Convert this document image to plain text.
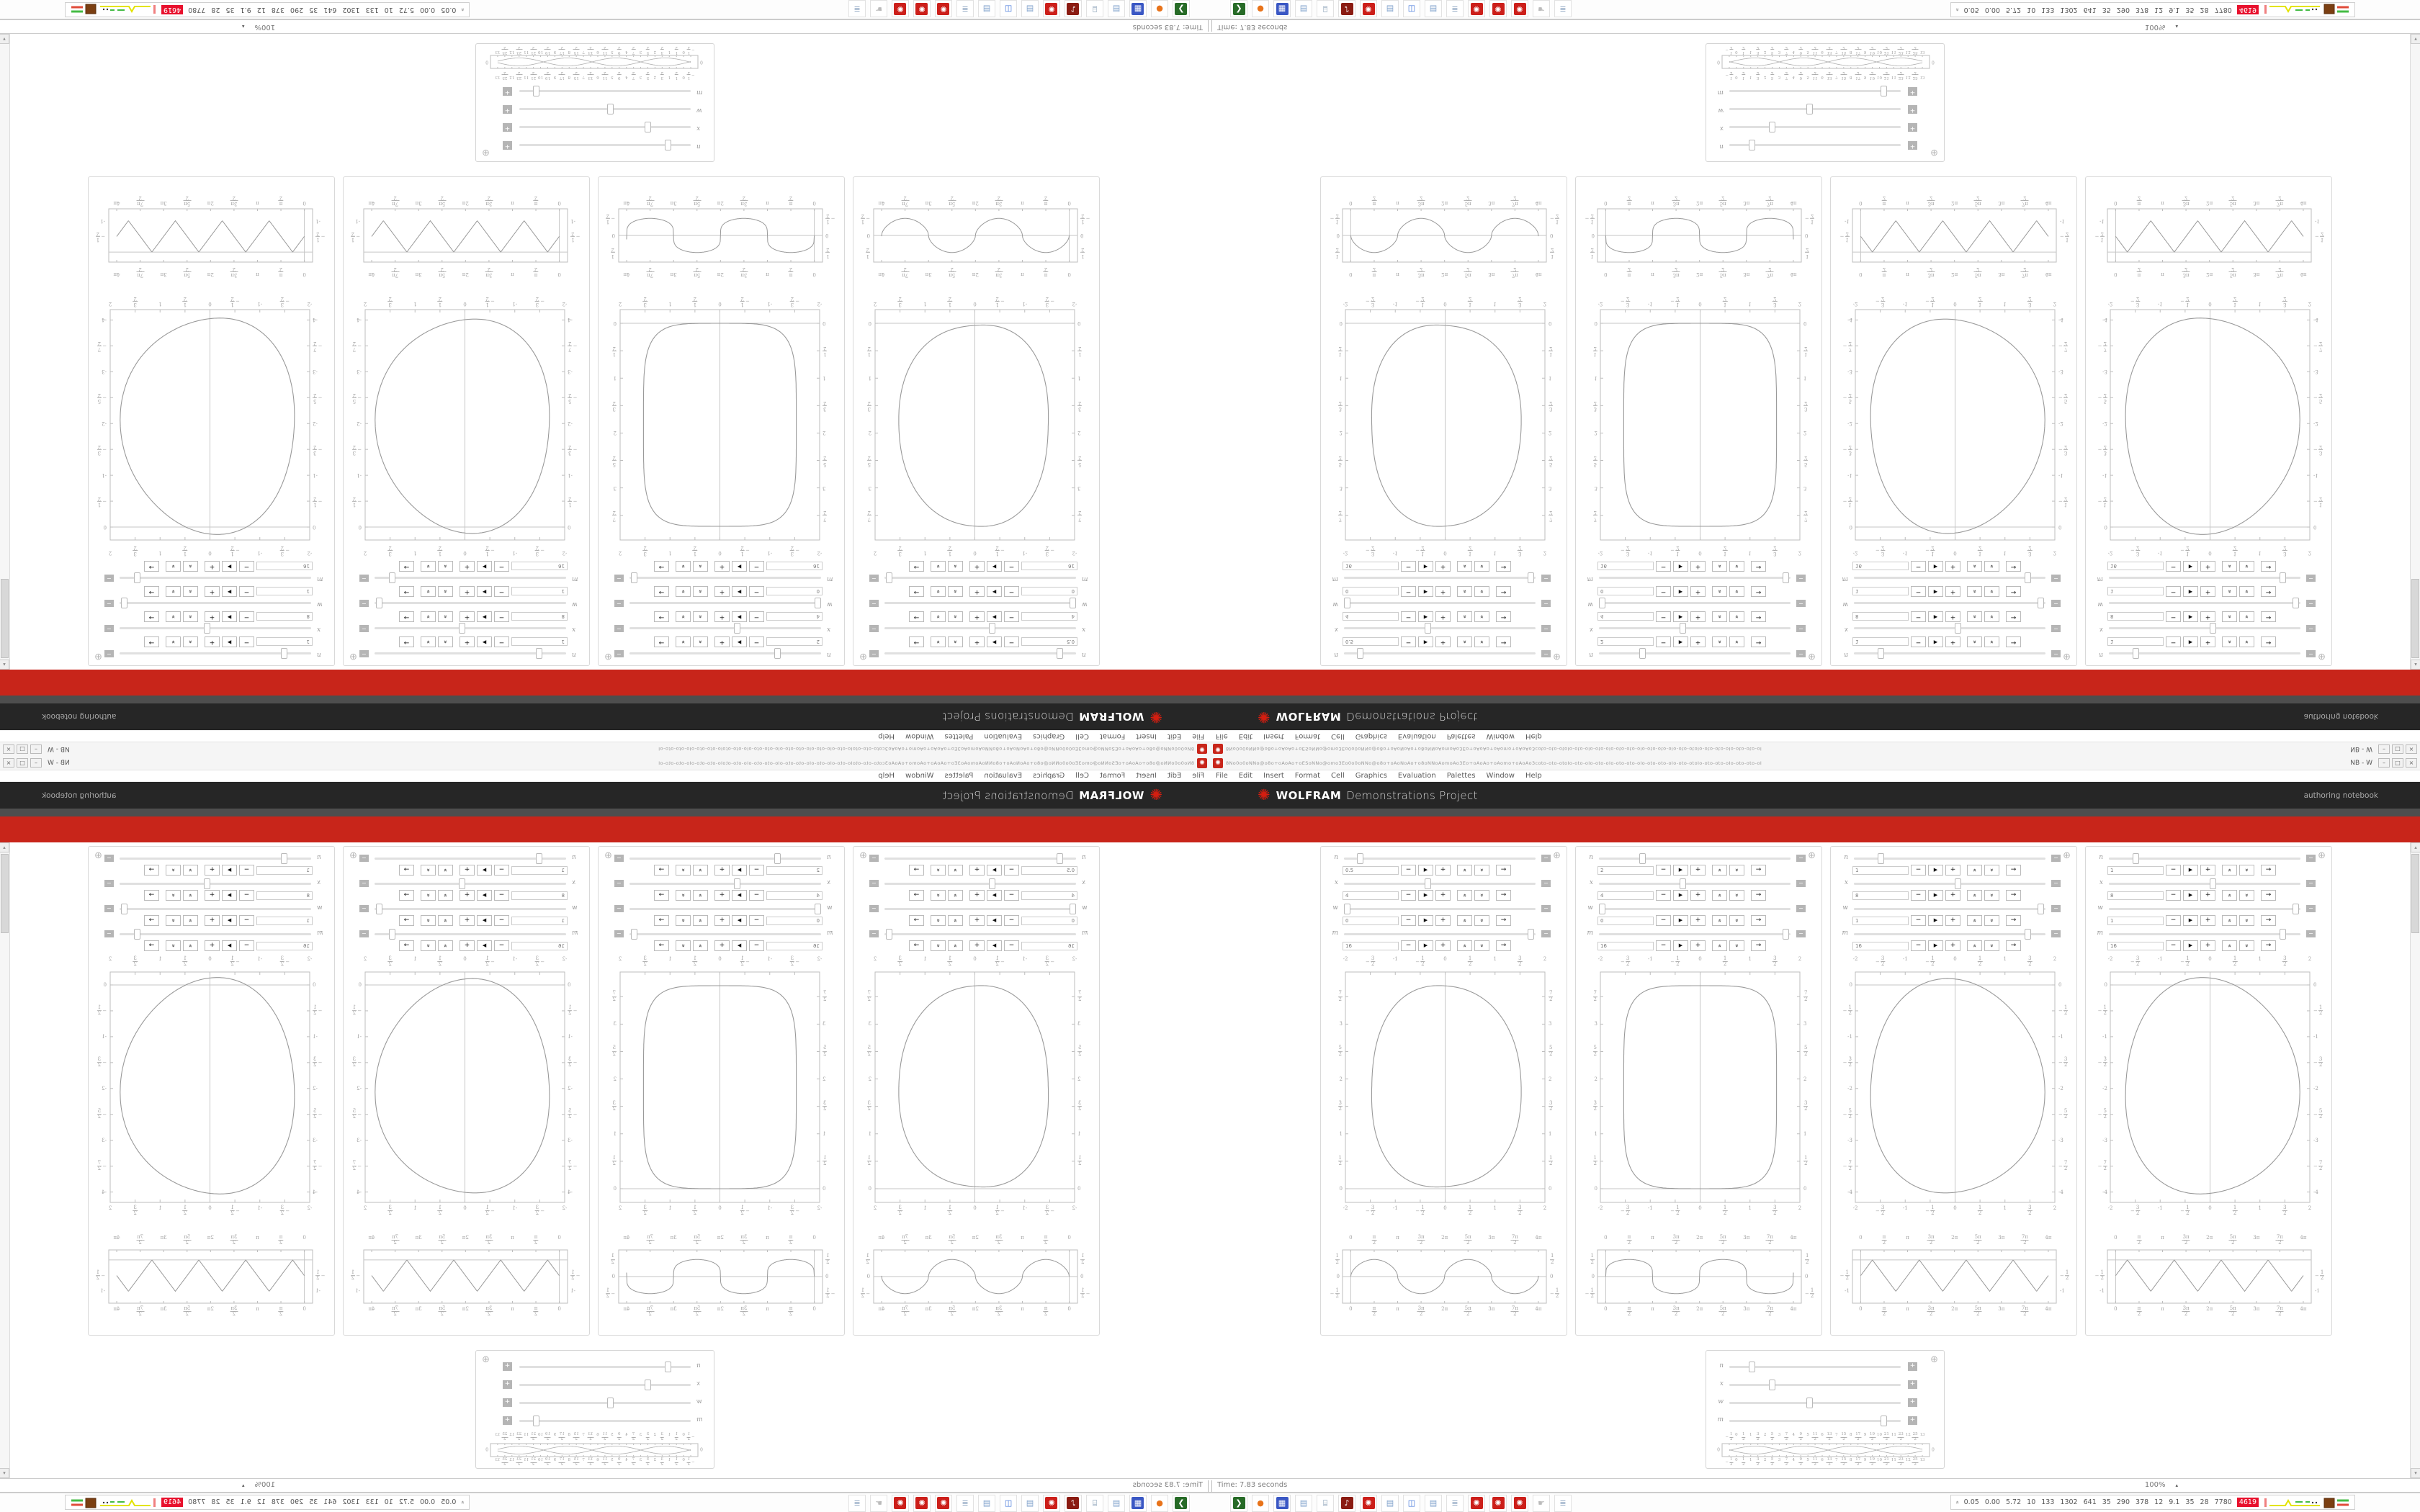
✺	8No0o0oNNo@o8o+oAoAo+oESoNNo@omo3Eo0o0oNNo@o8o+oAoNoAo+o8oNNoAomoAo3Eo+oAoAo+oAomo+oAoAo3coto-oto-otoIo-oto-oIo-oto-oIo-oto-oto-oIo-oto-oto-oIo-oto-otoIo-oto-oto-oIo-oto-oto-oI	NB - W	–	□	×
File Edit Insert Format Cell Graphics Evaluation Palettes Window Help
✺ WOLFRAM Demonstrations Project	authoring notebook
▴
▾
⊕
n	−
0.5	−	▶	+	»	»	→
x	−
4	−	▶	+	»	»	→
w	−
0	−	▶	+	»	»	→
m	−
16	−	▶	+	»	»	→
-2
-2
− $\frac{3}{2}$
− $\frac{3}{2}$
-1
-1
− $\frac{1}{2}$
− $\frac{1}{2}$
0
0
1
2
1
2
1
1
3
2
3
2
2
2
0	0
1
2
1
2
1	1
3
2
3
2
2	2
5
2
5
2
3	3
7
2
7
2
0
0
π
2
π
2
π
π
3π
2
3π
2
2π
2π
5π
2
5π
2
3π
3π
7π
2
7π
2
4π
4π
1
2
1
2
0	0
− $\frac{1}{2}$	− $\frac{1}{2}$
⊕
n	−
2	−	▶	+	»	»	→
x	−
4	−	▶	+	»	»	→
w	−
0	−	▶	+	»	»	→
m	−
16	−	▶	+	»	»	→
-2
-2
− $\frac{3}{2}$
− $\frac{3}{2}$
-1
-1
− $\frac{1}{2}$
− $\frac{1}{2}$
0
0
1
2
1
2
1
1
3
2
3
2
2
2
0	0
1
2
1
2
1	1
3
2
3
2
2	2
5
2
5
2
3	3
7
2
7
2
0
0
π
2
π
2
π
π
3π
2
3π
2
2π
2π
5π
2
5π
2
3π
3π
7π
2
7π
2
4π
4π
1
2
1
2
0	0
− $\frac{1}{2}$	− $\frac{1}{2}$
⊕
n	−
1	−	▶	+	»	»	→
x	−
8	−	▶	+	»	»	→
w	−
1	−	▶	+	»	»	→
m	−
16	−	▶	+	»	»	→
-2
-2
− $\frac{3}{2}$
− $\frac{3}{2}$
-1
-1
− $\frac{1}{2}$
− $\frac{1}{2}$
0
0
1
2
1
2
1
1
3
2
3
2
2
2
0	0
− $\frac{1}{2}$	− $\frac{1}{2}$
-1	-1
− $\frac{3}{2}$	− $\frac{3}{2}$
-2	-2
− $\frac{5}{2}$	− $\frac{5}{2}$
-3	-3
− $\frac{7}{2}$	− $\frac{7}{2}$
-4	-4
0
0
π
2
π
2
π
π
3π
2
3π
2
2π
2π
5π
2
5π
2
3π
3π
7π
2
7π
2
4π
4π
− $\frac{1}{2}$	− $\frac{1}{2}$
-1	-1
⊕
n	−
1	−	▶	+	»	»	→
x	−
8	−	▶	+	»	»	→
w	−
1	−	▶	+	»	»	→
m	−
16	−	▶	+	»	»	→
-2
-2
− $\frac{3}{2}$
− $\frac{3}{2}$
-1
-1
− $\frac{1}{2}$
− $\frac{1}{2}$
0
0
1
2
1
2
1
1
3
2
3
2
2
2
0	0
− $\frac{1}{2}$	− $\frac{1}{2}$
-1	-1
− $\frac{3}{2}$	− $\frac{3}{2}$
-2	-2
− $\frac{5}{2}$	− $\frac{5}{2}$
-3	-3
− $\frac{7}{2}$	− $\frac{7}{2}$
-4	-4
0
0
π
2
π
2
π
π
3π
2
3π
2
2π
2π
5π
2
5π
2
3π
3π
7π
2
7π
2
4π
4π
− $\frac{1}{2}$	− $\frac{1}{2}$
-1	-1
⊕
n	+
x	+
w	+
m	+
− $\frac{1}{2}$
− $\frac{1}{2}$
0
0
1
2
1
2
1
1
3
2
3
2
2
2
5
2
5
2
3
3
7
2
7
2
4
4
9
2
9
2
5
5
11
2
11
2
6
6
13
2
13
2
7
7
15
2
15
2
8
8
17
2
17
2
9
9
19
2
19
2
10
10
21
2
21
2
11
11
23
2
23
2
12
12
25
2
25
2
13
13
0	0
Time: 7.83 seconds	100% ▴
❯	●	▦ ▤	⌸	♪	✺	▤ ◫ ▤	≣	✺	✺	✺	☛	≣	» 0.05 0.00 5.72 10 133 1302 641 35 290 378 12 9.1 35 28 7780	4619
✺
8No0o0oNNo@o8o+oAoAo+oESoNNo@omo3Eo0o0oNNo@o8o+oAoNoAo+o8oNNoAomoAo3Eo+oAoAo+oAomo+oAoAo3coto-oto-otoIo-oto-oIo-oto-oIo-oto-oto-oIo-oto-oto-oIo-oto-otoIo-oto-oto-oIo-oto-oto-oI
NB - W
–
□
×
File
Edit
Insert
Format
Cell
Graphics
Evaluation
Palettes
Window
Help
✺
WOLFRAM
Demonstrations Project
authoring notebook
▴
▾
⊕	n
−
0.5
−
▶
+
»
»
→
x
−
4
−
▶
+
»
»
→
w
−
0
−
▶
+
»
»
→
m
−
16
−
▶
+
»
»
→
-2
-2
−
$\frac{3}{2}$
−
$\frac{3}{2}$
-1
-1
−
$\frac{1}{2}$
−
$\frac{1}{2}$
0
0
1
2
1
2
1
1
3
2
3
2
2
2
0
0
1
2
1
2
1
1
3
2
3
2
2
2
5
2
5
2
3
3
7
2
7
2
0
0
π
2
π
2
π
π
3π
2
3π
2
2π
2π
5π
2
5π
2
3π
3π
7π
2
7π
2
4π
4π
1
2
1
2
0
0
−
$\frac{1}{2}$
−
$\frac{1}{2}$
⊕	n
−
2
−
▶
+
»
»
→
x
−
4
−
▶
+
»
»
→
w
−
0
−
▶
+
»
»
→
m
−
16
−
▶
+
»
»
→
-2
-2
−
$\frac{3}{2}$
−
$\frac{3}{2}$
-1
-1
−
$\frac{1}{2}$
−
$\frac{1}{2}$
0
0
1
2
1
2
1
1
3
2
3
2
2
2
0
0
1
2
1
2
1
1
3
2
3
2
2
2
5
2
5
2
3
3
7
2
7
2
0
0
π
2
π
2
π
π
3π
2
3π
2
2π
2π
5π
2
5π
2
3π
3π
7π
2
7π
2
4π
4π
1
2
1
2
0
0
−
$\frac{1}{2}$
−
$\frac{1}{2}$
⊕	n
−
1
−
▶
+
»
»
→
x
−
8
−
▶
+
»
»
→
w
−
1
−
▶
+
»
»
→
m
−
16
−
▶
+
»
»
→
-2
-2
−
$\frac{3}{2}$
−
$\frac{3}{2}$
-1
-1
−
$\frac{1}{2}$
−
$\frac{1}{2}$
0
0
1
2
1
2
1
1
3
2
3
2
2
2
0
0
−
$\frac{1}{2}$
−
$\frac{1}{2}$
-1
-1
−
$\frac{3}{2}$
−
$\frac{3}{2}$
-2
-2
−
$\frac{5}{2}$
−
$\frac{5}{2}$
-3
-3
−
$\frac{7}{2}$
−
$\frac{7}{2}$
-4
-4
0
0
π
2
π
2
π
π
3π
2
3π
2
2π
2π
5π
2
5π
2
3π
3π
7π
2
7π
2
4π
4π
−
$\frac{1}{2}$
−
$\frac{1}{2}$
-1
-1
⊕	n
−
1
−
▶
+
»
»
→
x
−
8
−
▶
+
»
»
→
w
−
1
−
▶
+
»
»
→
m
−
16
−
▶
+
»
»
→
-2
-2
−
$\frac{3}{2}$
−
$\frac{3}{2}$
-1
-1
−
$\frac{1}{2}$
−
$\frac{1}{2}$
0
0
1
2
1
2
1
1
3
2
3
2
2
2
0
0
−
$\frac{1}{2}$
−
$\frac{1}{2}$
-1
-1
−
$\frac{3}{2}$
−
$\frac{3}{2}$
-2
-2
−
$\frac{5}{2}$
−
$\frac{5}{2}$
-3
-3
−
$\frac{7}{2}$
−
$\frac{7}{2}$
-4
-4
0
0
π
2
π
2
π
π
3π
2
3π
2
2π
2π
5π
2
5π
2
3π
3π
7π
2
7π
2
4π
4π
−
$\frac{1}{2}$
−
$\frac{1}{2}$
-1
-1
⊕
n
+
x
+
w
+
m
+
−
$\frac{1}{2}$
−
$\frac{1}{2}$
0
0
1
2
1
2
1
1
3
2
3
2
2
2
5
2
5
2
3
3
7
2
7
2
4
4
9
2
9
2
5
5
11
2
11
2
6
6
13
2
13
2
7
7
15
2
15
2
8
8
17
2
17
2
9
9
19
2
19
2
10
10
21
2
21
2
11
11
23
2
23
2
12
12
25
2
25
2
13
13
0
0
Time: 7.83 seconds
100%▴
❯
●
▦
▤
⌸
♪
✺
▤
◫
▤
≣
✺
✺
✺
☛
≣
»
0.05 0.00 5.72 10 133 1302 641 35 290 378 12 9.1 35 28 7780
4619
✺	8No0o0oNNo@o8o+oAoAo+oESoNNo@omo3Eo0o0oNNo@o8o+oAoNoAo+o8oNNoAomoAo3Eo+oAoAo+oAomo+oAoAo3coto-oto-otoIo-oto-oIo-oto-oIo-oto-oto-oIo-oto-oto-oIo-oto-otoIo-oto-oto-oIo-oto-oto-oI	NB - W	–	□	×
File Edit Insert Format Cell Graphics Evaluation Palettes Window Help
✺ WOLFRAM Demonstrations Project	authoring notebook
▴
▾
⊕
n	−
0.5	−	▶	+	»	»	→
x	−
4	−	▶	+	»	»	→
w	−
0	−	▶	+	»	»	→
m	−
16	−	▶	+	»	»	→
-2
-2
−
3
2
−
3
2
-1
-1
−
1
2
−
1
2
0
0
1
2
1
2
1
1
3
2
3
2
2
2
0	0
1
2
1
2
1	1
3
2
3
2
2	2
5
2
5
2
3	3
7
2
7
2
0
0
π
2
π
2
π
π
3π
2
3π
2
2π
2π
5π
2
5π
2
3π
3π
7π
2
7π
2
4π
4π
1
2
1
2
0	0
−
1
2	−
1
2
⊕
n	−
2	−	▶	+	»	»	→
x	−
4	−	▶	+	»	»	→
w	−
0	−	▶	+	»	»	→
m	−
16	−	▶	+	»	»	→
-2
-2
−
3
2
−
3
2
-1
-1
−
1
2
−
1
2
0
0
1
2
1
2
1
1
3
2
3
2
2
2
0	0
1
2
1
2
1	1
3
2
3
2
2	2
5
2
5
2
3	3
7
2
7
2
0
0
π
2
π
2
π
π
3π
2
3π
2
2π
2π
5π
2
5π
2
3π
3π
7π
2
7π
2
4π
4π
1
2
1
2
0	0
−
1
2	−
1
2
⊕
n	−
1	−	▶	+	»	»	→
x	−
8	−	▶	+	»	»	→
w	−
1	−	▶	+	»	»	→
m	−
16	−	▶	+	»	»	→
-2
-2
−
3
2
−
3
2
-1
-1
−
1
2
−
1
2
0
0
1
2
1
2
1
1
3
2
3
2
2
2
0	0
−
1
2	−
1
2
-1	-1
−
3
2	−
3
2
-2	-2
−
5
2	−
5
2
-3	-3
−
7
2	−
7
2
-4	-4
0
0
π
2
π
2
π
π
3π
2
3π
2
2π
2π
5π
2
5π
2
3π
3π
7π
2
7π
2
4π
4π
−
1
2	−
1
2
-1	-1
⊕
n	−
1	−	▶	+	»	»	→
x	−
8	−	▶	+	»	»	→
w	−
1	−	▶	+	»	»	→
m	−
16	−	▶	+	»	»	→
-2
-2
−
3
2
−
3
2
-1
-1
−
1
2
−
1
2
0
0
1
2
1
2
1
1
3
2
3
2
2
2
0	0
−
1
2	−
1
2
-1	-1
−
3
2	−
3
2
-2	-2
−
5
2	−
5
2
-3	-3
−
7
2	−
7
2
-4	-4
0
0
π
2
π
2
π
π
3π
2
3π
2
2π
2π
5π
2
5π
2
3π
3π
7π
2
7π
2
4π
4π
−
1
2	−
1
2
-1	-1
⊕
n	+
x	+
w	+
m	+
−
1
2
−
1
2
0
0
1
2
1
2
1
1
3
2
3
2
2
2
5
2
5
2
3
3
7
2
7
2
4
4
9
2
9
2
5
5
11
2
11
2
6
6
13
2
13
2
7
7
15
2
15
2
8
8
17
2
17
2
9
9
19
2
19
2
10
10
21
2
21
2
11
11
23
2
23
2
12
12
25
2
25
2
13
13
0	0
Time: 7.83 seconds	100% ▴
❯	●	▦ ▤	⌸	♪	✺	▤ ◫ ▤	≣	✺	✺	✺	☛	≣	» 0.05 0.00 5.72 10 133 1302 641 35 290 378 12 9.1 35 28 7780	4619
✺
8No0o0oNNo@o8o+oAoAo+oESoNNo@omo3Eo0o0oNNo@o8o+oAoNoAo+o8oNNoAomoAo3Eo+oAoAo+oAomo+oAoAo3coto-oto-otoIo-oto-oIo-oto-oIo-oto-oto-oIo-oto-oto-oIo-oto-otoIo-oto-oto-oIo-oto-oto-oI
NB - W
–
□
×
File
Edit
Insert
Format
Cell
Graphics
Evaluation
Palettes
Window
Help
✺
WOLFRAM
Demonstrations Project
authoring notebook
▴
▾
⊕	n
−
0.5
−
▶
+
»
»
→
x
−
4
−
▶
+
»
»
→
w
−
0
−
▶
+
»
»
→
m
−
16
−
▶
+
»
»
→
-2
-2
−
3
2
−
3
2
-1
-1
−
1
2
−
1
2
0
0
1
2
1
2
1
1
3
2
3
2
2
2
0
0
1
2
1
2
1
1
3
2
3
2
2
2
5
2
5
2
3
3
7
2
7
2
0
0
π
2
π
2
π
π
3π
2
3π
2
2π
2π
5π
2
5π
2
3π
3π
7π
2
7π
2
4π
4π
1
2
1
2
0
0
−
1
2
−
1
2
⊕	n
−
2
−
▶
+
»
»
→
x
−
4
−
▶
+
»
»
→
w
−
0
−
▶
+
»
»
→
m
−
16
−
▶
+
»
»
→
-2
-2
−
3
2
−
3
2
-1
-1
−
1
2
−
1
2
0
0
1
2
1
2
1
1
3
2
3
2
2
2
0
0
1
2
1
2
1
1
3
2
3
2
2
2
5
2
5
2
3
3
7
2
7
2
0
0
π
2
π
2
π
π
3π
2
3π
2
2π
2π
5π
2
5π
2
3π
3π
7π
2
7π
2
4π
4π
1
2
1
2
0
0
−
1
2
−
1
2
⊕	n
−
1
−
▶
+
»
»
→
x
−
8
−
▶
+
»
»
→
w
−
1
−
▶
+
»
»
→
m
−
16
−
▶
+
»
»
→
-2
-2
−
3
2
−
3
2
-1
-1
−
1
2
−
1
2
0
0
1
2
1
2
1
1
3
2
3
2
2
2
0
0
−
1
2
−
1
2
-1
-1
−
3
2
−
3
2
-2
-2
−
5
2
−
5
2
-3
-3
−
7
2
−
7
2
-4
-4
0
0
π
2
π
2
π
π
3π
2
3π
2
2π
2π
5π
2
5π
2
3π
3π
7π
2
7π
2
4π
4π
−
1
2
−
1
2
-1
-1
⊕	n
−
1
−
▶
+
»
»
→
x
−
8
−
▶
+
»
»
→
w
−
1
−
▶
+
»
»
→
m
−
16
−
▶
+
»
»
→
-2
-2
−
3
2
−
3
2
-1
-1
−
1
2
−
1
2
0
0
1
2
1
2
1
1
3
2
3
2
2
2
0
0
−
1
2
−
1
2
-1
-1
−
3
2
−
3
2
-2
-2
−
5
2
−
5
2
-3
-3
−
7
2
−
7
2
-4
-4
0
0
π
2
π
2
π
π
3π
2
3π
2
2π
2π
5π
2
5π
2
3π
3π
7π
2
7π
2
4π
4π
−
1
2
−
1
2
-1
-1
⊕
n
+
x
+
w
+
m
+
−
1
2
−
1
2
0
0
1
2
1
2
1
1
3
2
3
2
2
2
5
2
5
2
3
3
7
2
7
2
4
4
9
2
9
2
5
5
11
2
11
2
6
6
13
2
13
2
7
7
15
2
15
2
8
8
17
2
17
2
9
9
19
2
19
2
10
10
21
2
21
2
11
11
23
2
23
2
12
12
25
2
25
2
13
13
0
0
Time: 7.83 seconds
100%▴
❯
●
▦
▤
⌸
♪
✺
▤
◫
▤
≣
✺
✺
✺
☛
≣
»
0.05 0.00 5.72 10 133 1302 641 35 290 378 12 9.1 35 28 7780
4619
